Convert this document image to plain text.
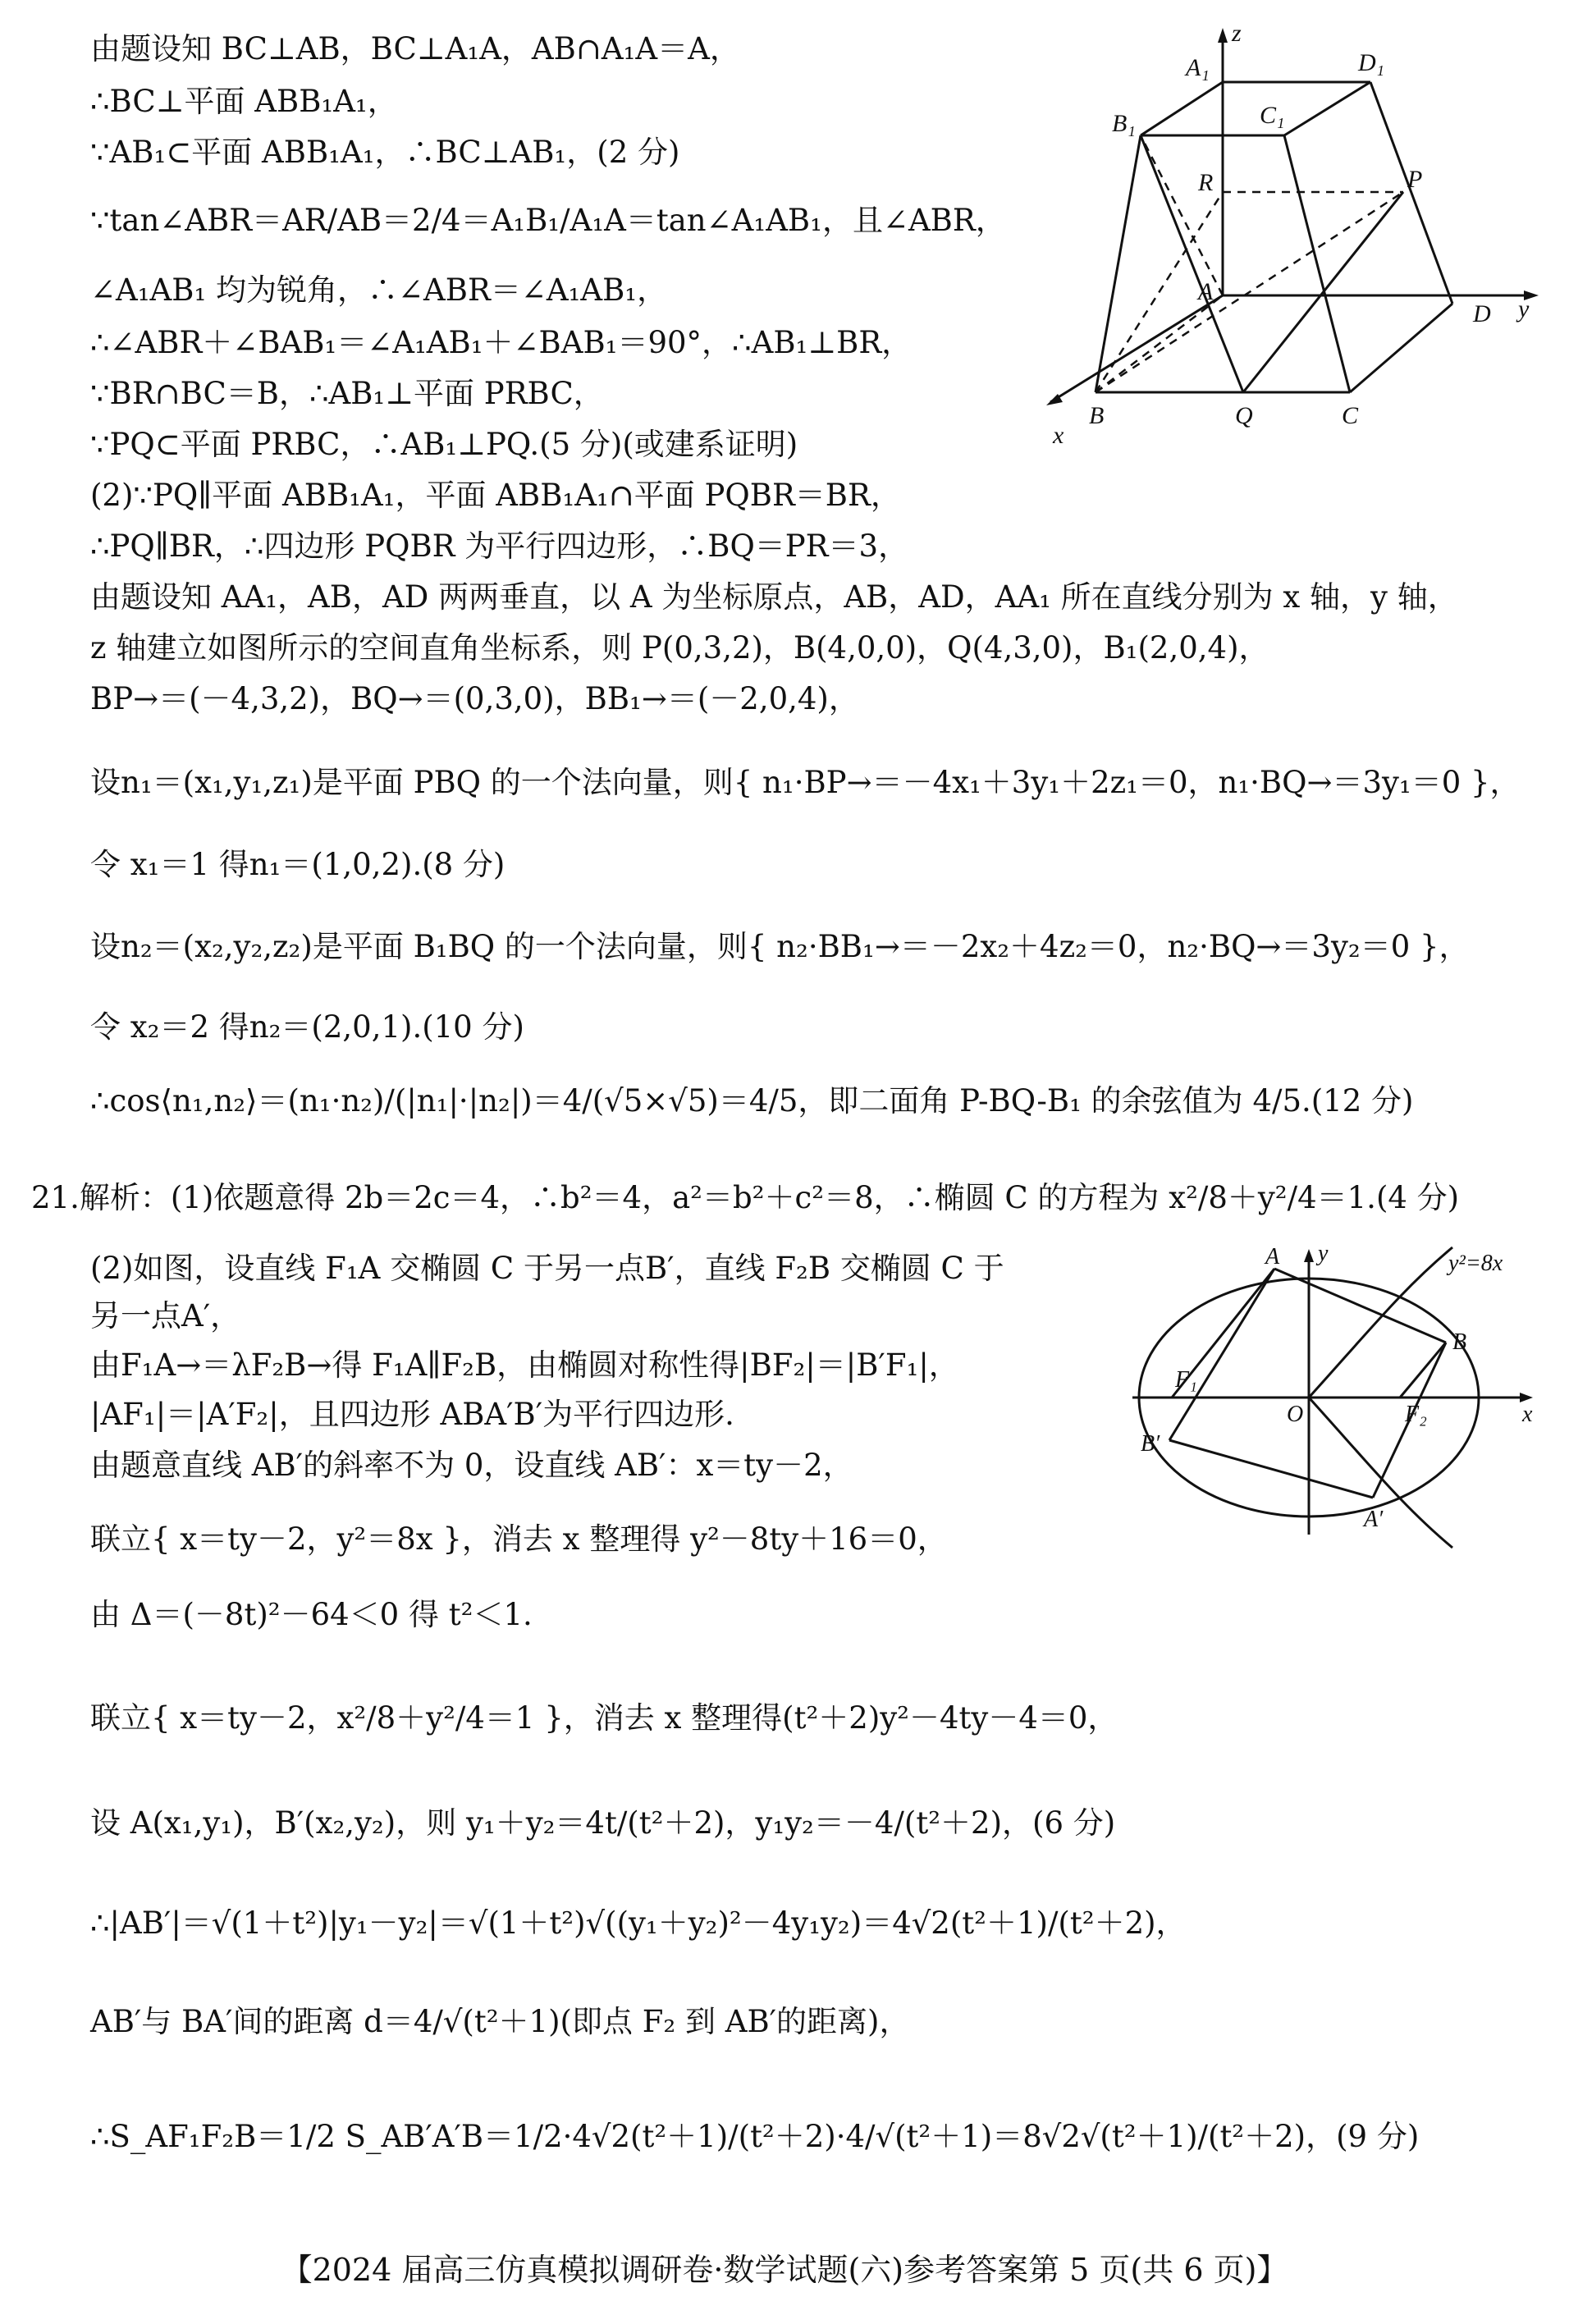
由题设知 BC⊥AB，BC⊥A₁A，AB∩A₁A＝A，
∴BC⊥平面 ABB₁A₁，
∵AB₁⊂平面 ABB₁A₁，∴BC⊥AB₁，(2 分)
∵tan∠ABR＝AR/AB＝2/4＝A₁B₁/A₁A＝tan∠A₁AB₁，且∠ABR，
∠A₁AB₁ 均为锐角，∴∠ABR＝∠A₁AB₁，
∴∠ABR＋∠BAB₁＝∠A₁AB₁＋∠BAB₁＝90°，∴AB₁⊥BR，
∵BR∩BC＝B，∴AB₁⊥平面 PRBC，
∵PQ⊂平面 PRBC，∴AB₁⊥PQ.(5 分)(或建系证明)
(2)∵PQ∥平面 ABB₁A₁，平面 ABB₁A₁∩平面 PQBR＝BR，
∴PQ∥BR，∴四边形 PQBR 为平行四边形，∴BQ＝PR＝3，
由题设知 AA₁，AB，AD 两两垂直，以 A 为坐标原点，AB，AD，AA₁ 所在直线分别为 x 轴，y 轴，
z 轴建立如图所示的空间直角坐标系，则 P(0,3,2)，B(4,0,0)，Q(4,3,0)，B₁(2,0,4)，
BP→＝(－4,3,2)，BQ→＝(0,3,0)，BB₁→＝(－2,0,4)，
设n₁＝(x₁,y₁,z₁)是平面 PBQ 的一个法向量，则{ n₁·BP→＝－4x₁＋3y₁＋2z₁＝0，n₁·BQ→＝3y₁＝0 }，
令 x₁＝1 得n₁＝(1,0,2).(8 分)
设n₂＝(x₂,y₂,z₂)是平面 B₁BQ 的一个法向量，则{ n₂·BB₁→＝－2x₂＋4z₂＝0，n₂·BQ→＝3y₂＝0 }，
令 x₂＝2 得n₂＝(2,0,1).(10 分)
∴cos⟨n₁,n₂⟩＝(n₁·n₂)/(|n₁|·|n₂|)＝4/(√5×√5)＝4/5，即二面角 P-BQ-B₁ 的余弦值为 4/5.(12 分)
21.解析：(1)依题意得 2b＝2c＝4，∴b²＝4，a²＝b²＋c²＝8，∴椭圆 C 的方程为 x²/8＋y²/4＝1.(4 分)
(2)如图，设直线 F₁A 交椭圆 C 于另一点B′，直线 F₂B 交椭圆 C 于
另一点A′，
由F₁A→＝λF₂B→得 F₁A∥F₂B，由椭圆对称性得|BF₂|＝|B′F₁|，
|AF₁|＝|A′F₂|，且四边形 ABA′B′为平行四边形.
由题意直线 AB′的斜率不为 0，设直线 AB′：x＝ty－2，
联立{ x＝ty－2，y²＝8x }，消去 x 整理得 y²－8ty＋16＝0，
由 Δ＝(－8t)²－64＜0 得 t²＜1.
联立{ x＝ty－2，x²/8＋y²/4＝1 }，消去 x 整理得(t²＋2)y²－4ty－4＝0，
设 A(x₁,y₁)，B′(x₂,y₂)，则 y₁＋y₂＝4t/(t²＋2)，y₁y₂＝－4/(t²＋2)，(6 分)
∴|AB′|＝√(1＋t²)|y₁－y₂|＝√(1＋t²)√((y₁＋y₂)²－4y₁y₂)＝4√2(t²＋1)/(t²＋2)，
AB′与 BA′间的距离 d＝4/√(t²＋1)(即点 F₂ 到 AB′的距离)，
∴S_AF₁F₂B＝1/2 S_AB′A′B＝1/2·4√2(t²＋1)/(t²＋2)·4/√(t²＋1)＝8√2√(t²＋1)/(t²＋2)，(9 分)
z
A₁	D₁
B₁	C₁
R	P
A
D y
B	Q	C
x
y	y²=8x
A
B
F₁
O	F₂	x
B′
A′
【2024 届高三仿真模拟调研卷·数学试题(六)参考答案第 5 页(共 6 页)】
